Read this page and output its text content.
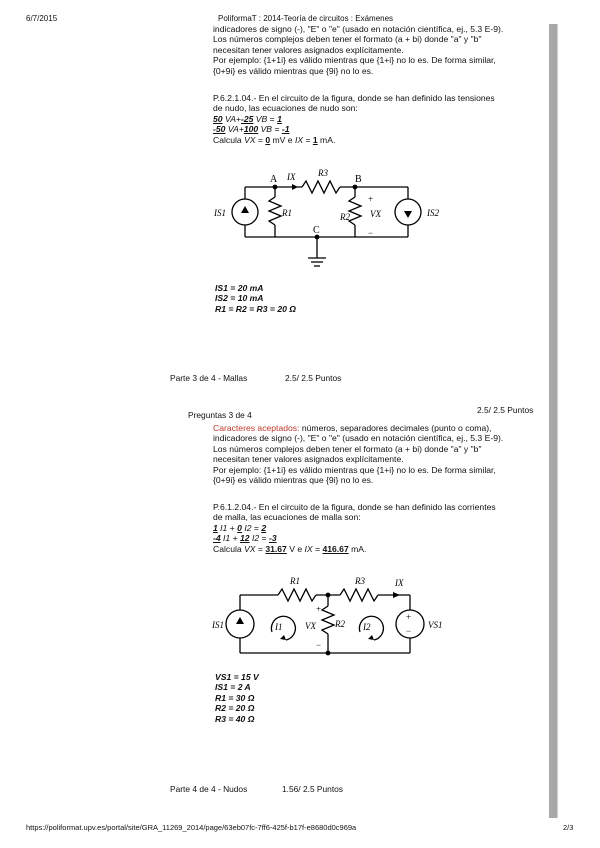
6/7/2015	PoliformaT : 2014-Teoría de circuitos : Exámenes
indicadores de signo (-), "E" o "e" (usado en notación científica, ej., 5.3 E-9).
Los números complejos deben tener el formato (a + bi) donde "a" y "b"
necesitan tener valores asignados explícitamente.
Por ejemplo: {1+1i} es válido mientras que {1+i} no lo es. De forma similar,
{0+9i} es válido mientras que {9i} no lo es.
P.6.2.1.04.- En el circuito de la figura, donde se han definido las tensiones
de nudo, las ecuaciones de nudo son:
50 VA+-25 VB = 1
-50 VA+100 VB = -1
Calcula VX = 0 mV e IX = 1 mA.
A	B
C
IX	R3
R1	R2 VX
+
−
IS1	IS2
IS1 = 20 mA
IS2 = 10 mA
R1 = R2 = R3 = 20 Ω
Parte 3 de 4 - Mallas	2.5/ 2.5 Puntos
Preguntas 3 de 4	2.5/ 2.5 Puntos
Caracteres aceptados: números, separadores decimales (punto o coma),
indicadores de signo (-), "E" o "e" (usado en notación científica, ej., 5.3 E-9).
Los números complejos deben tener el formato (a + bi) donde "a" y "b"
necesitan tener valores asignados explícitamente.
Por ejemplo: {1+1i} es válido mientras que {1+i} no lo es. De forma similar,
{0+9i} es válido mientras que {9i} no lo es.
P.6.1.2.04.- En el circuito de la figura, donde se han definido las corrientes
de malla, las ecuaciones de malla son:
1 I1 + 0 I2 = 2
-4 I1 + 12 I2 = -3
Calcula VX = 31.67 V e IX = 416.67 mA.
R1	R3	IX
R2
VX
+
−
I1	I2
IS1	VS1
+
−
VS1 = 15 V
IS1 = 2 A
R1 = 30 Ω
R2 = 20 Ω
R3 = 40 Ω
Parte 4 de 4 - Nudos	1.56/ 2.5 Puntos
https://poliformat.upv.es/portal/site/GRA_11269_2014/page/63eb07fc-7ff6-425f-b17f-e8680d0c969a	2/3
